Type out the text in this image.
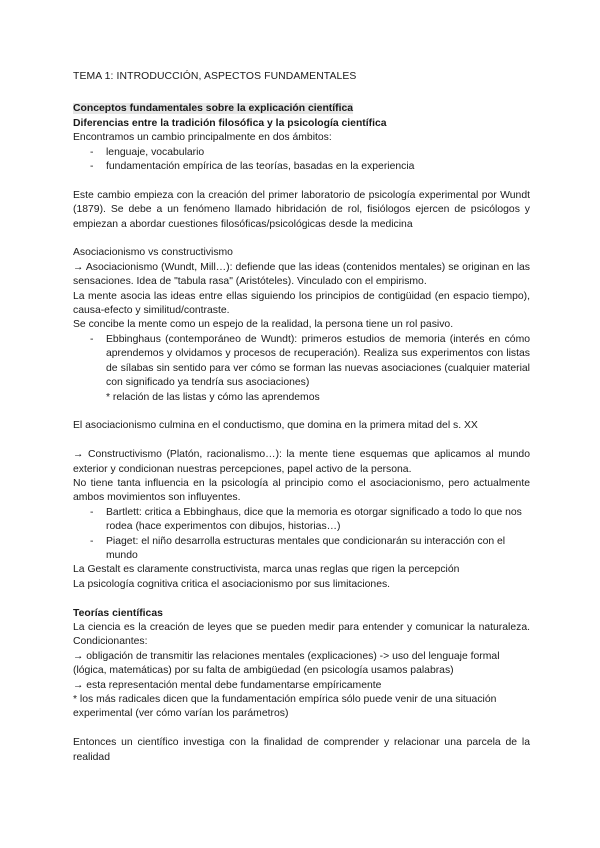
TEMA 1: INTRODUCCIÓN, ASPECTOS FUNDAMENTALES

Conceptos fundamentales sobre la explicación científica

Diferencias entre la tradición filosófica y la psicología científica

Encontramos un cambio principalmente en dos ámbitos:

- lenguaje, vocabulario
- fundamentación empírica de las teorías, basadas en la experiencia

Este cambio empieza con la creación del primer laboratorio de psicología experimental por Wundt (1879). Se debe a un fenómeno llamado hibridación de rol, fisiólogos ejercen de psicólogos y empiezan a abordar cuestiones filosóficas/psicológicas desde la medicina

Asociacionismo vs constructivismo

→ Asociacionismo (Wundt, Mill…): defiende que las ideas (contenidos mentales) se originan en las sensaciones. Idea de "tabula rasa" (Aristóteles). Vinculado con el empirismo.

La mente asocia las ideas entre ellas siguiendo los principios de contigüidad (en espacio tiempo), causa-efecto y similitud/contraste.

Se concibe la mente como un espejo de la realidad, la persona tiene un rol pasivo.

- Ebbinghaus (contemporáneo de Wundt): primeros estudios de memoria (interés en cómo aprendemos y olvidamos y procesos de recuperación). Realiza sus experimentos con listas de sílabas sin sentido para ver cómo se forman las nuevas asociaciones (cualquier material con significado ya tendría sus asociaciones)

* relación de las listas y cómo las aprendemos

El asociacionismo culmina en el conductismo, que domina en la primera mitad del s. XX

→ Constructivismo (Platón, racionalismo…): la mente tiene esquemas que aplicamos al mundo exterior y condicionan nuestras percepciones, papel activo de la persona.

No tiene tanta influencia en la psicología al principio como el asociacionismo, pero actualmente ambos movimientos son influyentes.

- Bartlett: critica a Ebbinghaus, dice que la memoria es otorgar significado a todo lo que nos rodea (hace experimentos con dibujos, historias…)
- Piaget: el niño desarrolla estructuras mentales que condicionarán su interacción con el mundo

La Gestalt es claramente constructivista, marca unas reglas que rigen la percepción

La psicología cognitiva critica el asociacionismo por sus limitaciones.

Teorías científicas

La ciencia es la creación de leyes que se pueden medir para entender y comunicar la naturaleza. Condicionantes:

→ obligación de transmitir las relaciones mentales (explicaciones) -> uso del lenguaje formal (lógica, matemáticas) por su falta de ambigüedad (en psicología usamos palabras)

→ esta representación mental debe fundamentarse empíricamente

* los más radicales dicen que la fundamentación empírica sólo puede venir de una situación experimental (ver cómo varían los parámetros)

Entonces un científico investiga con la finalidad de comprender y relacionar una parcela de la realidad
